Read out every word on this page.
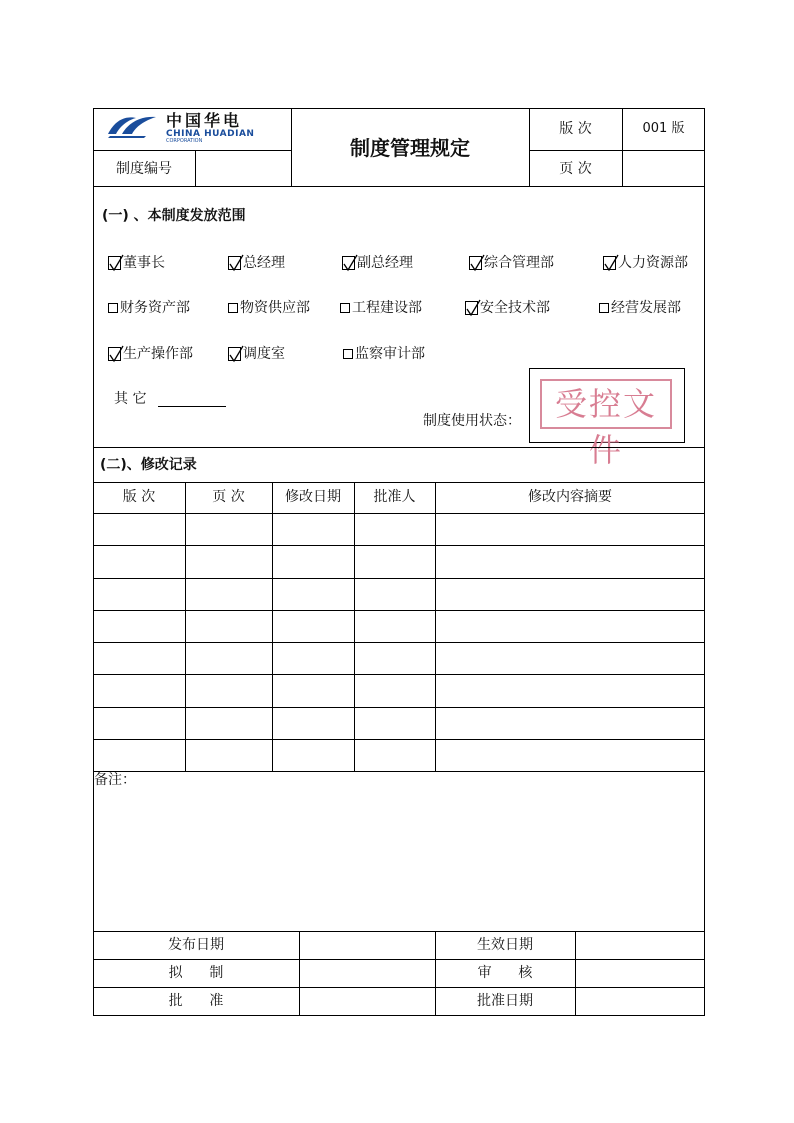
中国华电
CHINA HUADIAN
CORPORATION	制度管理规定
版 次	001 版
制度编号	页 次
(一) 、本制度发放范围
董事长	总经理	副总经理	综合管理部	人力资源部
财务资产部	物资供应部	工程建设部	安全技术部	经营发展部
生产操作部	调度室	监察审计部
其 它
制度使用状态：	受控文件
(二)、修改记录
版 次	页 次	修改日期	批准人	修改内容摘要
备注：
发布日期	生效日期
拟      制	审      核
批      准	批准日期
